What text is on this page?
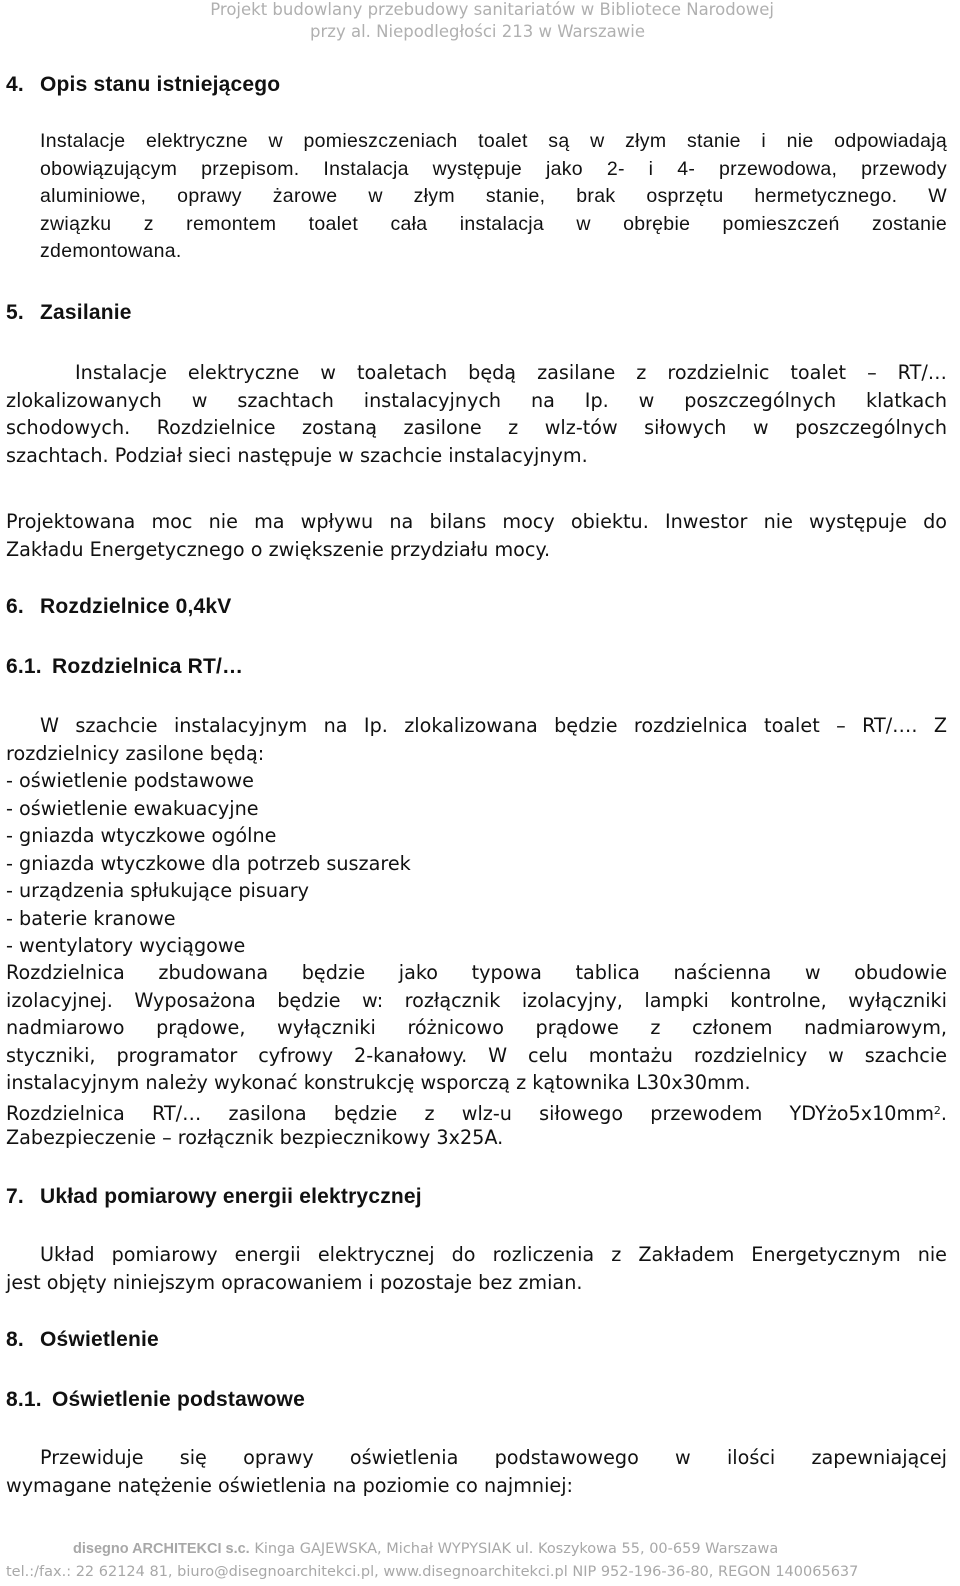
Projekt budowlany przebudowy sanitariatów w Bibliotece Narodowej
przy al. Niepodległości 213 w Warszawie
4. Opis stanu istniejącego
Instalacje elektryczne w pomieszczeniach toalet są w złym stanie i nie odpowiadają
obowiązującym przepisom. Instalacja występuje jako 2- i 4- przewodowa, przewody
aluminiowe, oprawy żarowe w złym stanie, brak osprzętu hermetycznego. W
związku z remontem toalet cała instalacja w obrębie pomieszczeń zostanie
zdemontowana.
5. Zasilanie
Instalacje elektryczne w toaletach będą zasilane z rozdzielnic toalet – RT/…
zlokalizowanych w szachtach instalacyjnych na Ip. w poszczególnych klatkach
schodowych. Rozdzielnice zostaną zasilone z wlz-tów siłowych w poszczególnych
szachtach. Podział sieci następuje w szachcie instalacyjnym.
Projektowana moc nie ma wpływu na bilans mocy obiektu. Inwestor nie występuje do
Zakładu Energetycznego o zwiększenie przydziału mocy.
6. Rozdzielnice 0,4kV
6.1. Rozdzielnica RT/…
W szachcie instalacyjnym na Ip. zlokalizowana będzie rozdzielnica toalet – RT/…. Z
rozdzielnicy zasilone będą:
- oświetlenie podstawowe
- oświetlenie ewakuacyjne
- gniazda wtyczkowe ogólne
- gniazda wtyczkowe dla potrzeb suszarek
- urządzenia spłukujące pisuary
- baterie kranowe
- wentylatory wyciągowe
Rozdzielnica zbudowana będzie jako typowa tablica naścienna w obudowie
izolacyjnej. Wyposażona będzie w: rozłącznik izolacyjny, lampki kontrolne, wyłączniki
nadmiarowo prądowe, wyłączniki różnicowo prądowe z członem nadmiarowym,
styczniki, programator cyfrowy 2-kanałowy. W celu montażu rozdzielnicy w szachcie
instalacyjnym należy wykonać konstrukcję wsporczą z kątownika L30x30mm.
Rozdzielnica RT/… zasilona będzie z wlz-u siłowego przewodem $YDYżo5x10mm^2$.
Zabezpieczenie – rozłącznik bezpiecznikowy 3x25A.
7. Układ pomiarowy energii elektrycznej
Układ pomiarowy energii elektrycznej do rozliczenia z Zakładem Energetycznym nie
jest objęty niniejszym opracowaniem i pozostaje bez zmian.
8. Oświetlenie
8.1. Oświetlenie podstawowe
Przewiduje się oprawy oświetlenia podstawowego w ilości zapewniającej
wymagane natężenie oświetlenia na poziomie co najmniej:
disegno ARCHITEKCI s.c. Kinga GAJEWSKA, Michał WYPYSIAK ul. Koszykowa 55, 00-659 Warszawa
tel.:/fax.: 22 62124 81, biuro@disegnoarchitekci.pl, www.disegnoarchitekci.pl NIP 952-196-36-80, REGON 140065637
